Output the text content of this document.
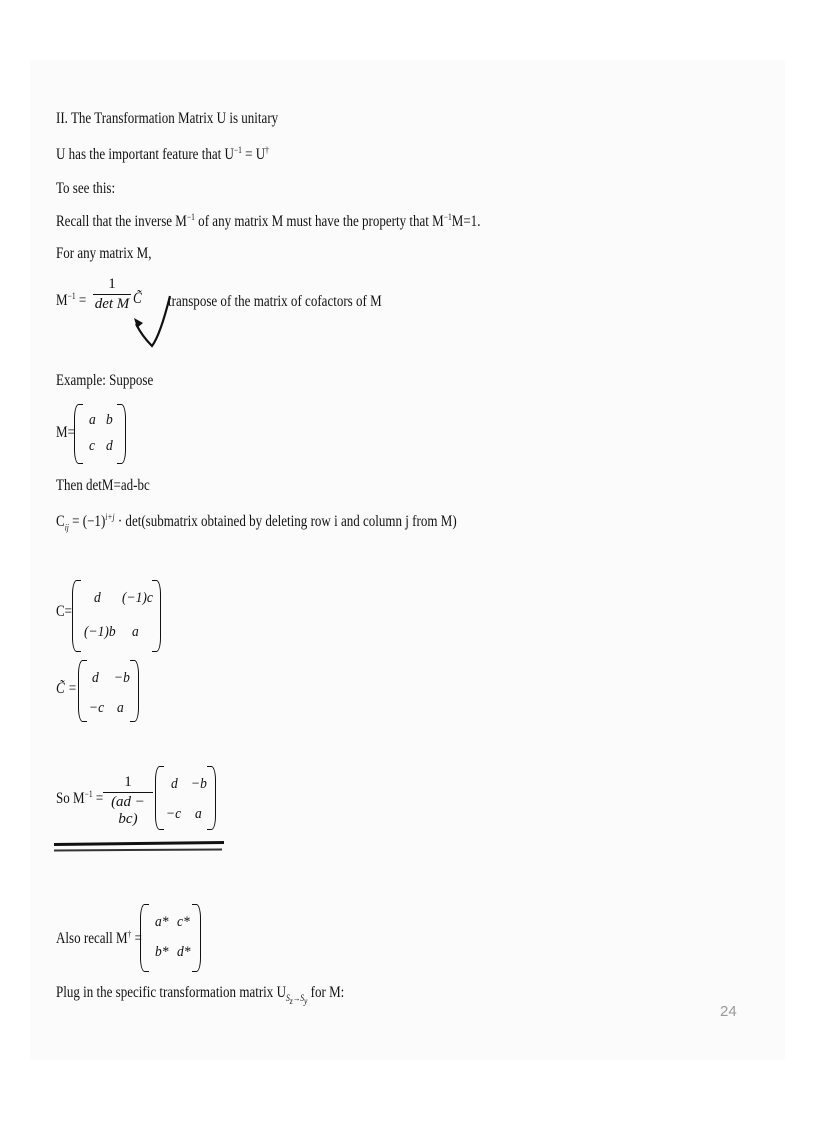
II. The Transformation Matrix U is unitary
U has the important feature that $U^{-1} = U^\dagger$
To see this:
Recall that the inverse $M^{-1}$ of any matrix M must have the property that $M^{-1}M=1$.
For any matrix M,
$M^{-1}$ =
1
det M C̃ transpose of the matrix of cofactors of M
Example: Suppose
M=
a b
c d
Then detM=ad-bc
$C_{ij} = (-1)^{i+j}$ · det(submatrix obtained by deleting row i and column j from M)
C=
d (−1)c
(−1)b a
C̃ =
d −b
−c a
So $M^{-1}$ =
1
(ad − bc)
d −b
−c a
Also recall M† =
a* c*
b* d*
Plug in the specific transformation matrix $U_{S_z\to S_y}$ for M:
24
